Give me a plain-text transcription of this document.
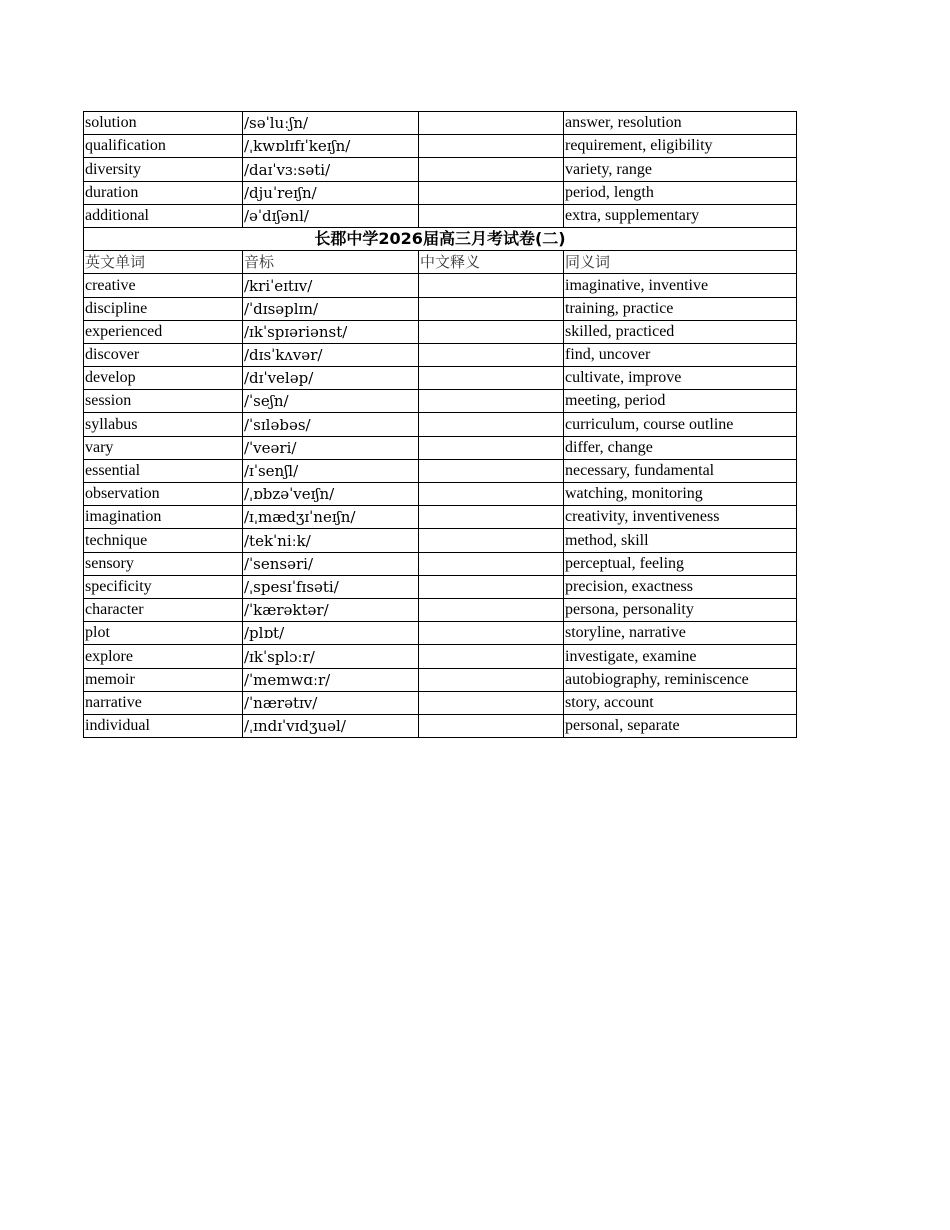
solution	/səˈluːʃn/		answer, resolution
qualification	/ˌkwɒlɪfɪˈkeɪʃn/		requirement, eligibility
diversity	/daɪˈvɜːsəti/		variety, range
duration	/djuˈreɪʃn/		period, length
additional	/əˈdɪʃənl/		extra, supplementary
长郡中学2026届高三月考试卷(二)			
英文单词	音标	中文释义	同义词
creative	/kriˈeɪtɪv/		imaginative, inventive
discipline	/ˈdɪsəplɪn/		training, practice
experienced	/ɪkˈspɪəriənst/		skilled, practiced
discover	/dɪsˈkʌvər/		find, uncover
develop	/dɪˈveləp/		cultivate, improve
session	/ˈseʃn/		meeting, period
syllabus	/ˈsɪləbəs/		curriculum, course outline
vary	/ˈveəri/		differ, change
essential	/ɪˈsenʃl/		necessary, fundamental
observation	/ˌɒbzəˈveɪʃn/		watching, monitoring
imagination	/ɪˌmædʒɪˈneɪʃn/		creativity, inventiveness
technique	/tekˈniːk/		method, skill
sensory	/ˈsensəri/		perceptual, feeling
specificity	/ˌspesɪˈfɪsəti/		precision, exactness
character	/ˈkærəktər/		persona, personality
plot	/plɒt/		storyline, narrative
explore	/ɪkˈsplɔːr/		investigate, examine
memoir	/ˈmemwɑːr/		autobiography, reminiscence
narrative	/ˈnærətɪv/		story, account
individual	/ˌɪndɪˈvɪdʒuəl/		personal, separate
